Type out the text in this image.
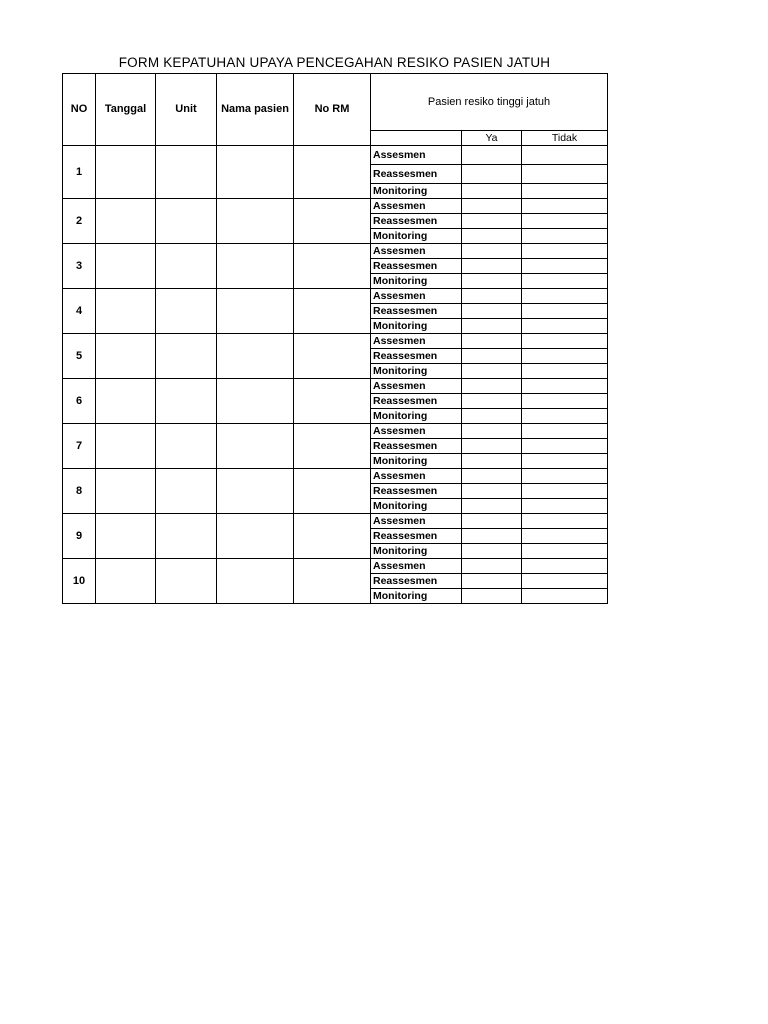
FORM KEPATUHAN UPAYA PENCEGAHAN RESIKO PASIEN JATUH
NO	Tanggal	Unit	Nama pasien	No RM	Pasien resiko tinggi jatuh		
						Ya	Tidak
1					Assesmen		
					Reassesmen		
					Monitoring		
2					Assesmen		
					Reassesmen		
					Monitoring		
3					Assesmen		
					Reassesmen		
					Monitoring		
4					Assesmen		
					Reassesmen		
					Monitoring		
5					Assesmen		
					Reassesmen		
					Monitoring		
6					Assesmen		
					Reassesmen		
					Monitoring		
7					Assesmen		
					Reassesmen		
					Monitoring		
8					Assesmen		
					Reassesmen		
					Monitoring		
9					Assesmen		
					Reassesmen		
					Monitoring		
10					Assesmen		
					Reassesmen		
					Monitoring		
